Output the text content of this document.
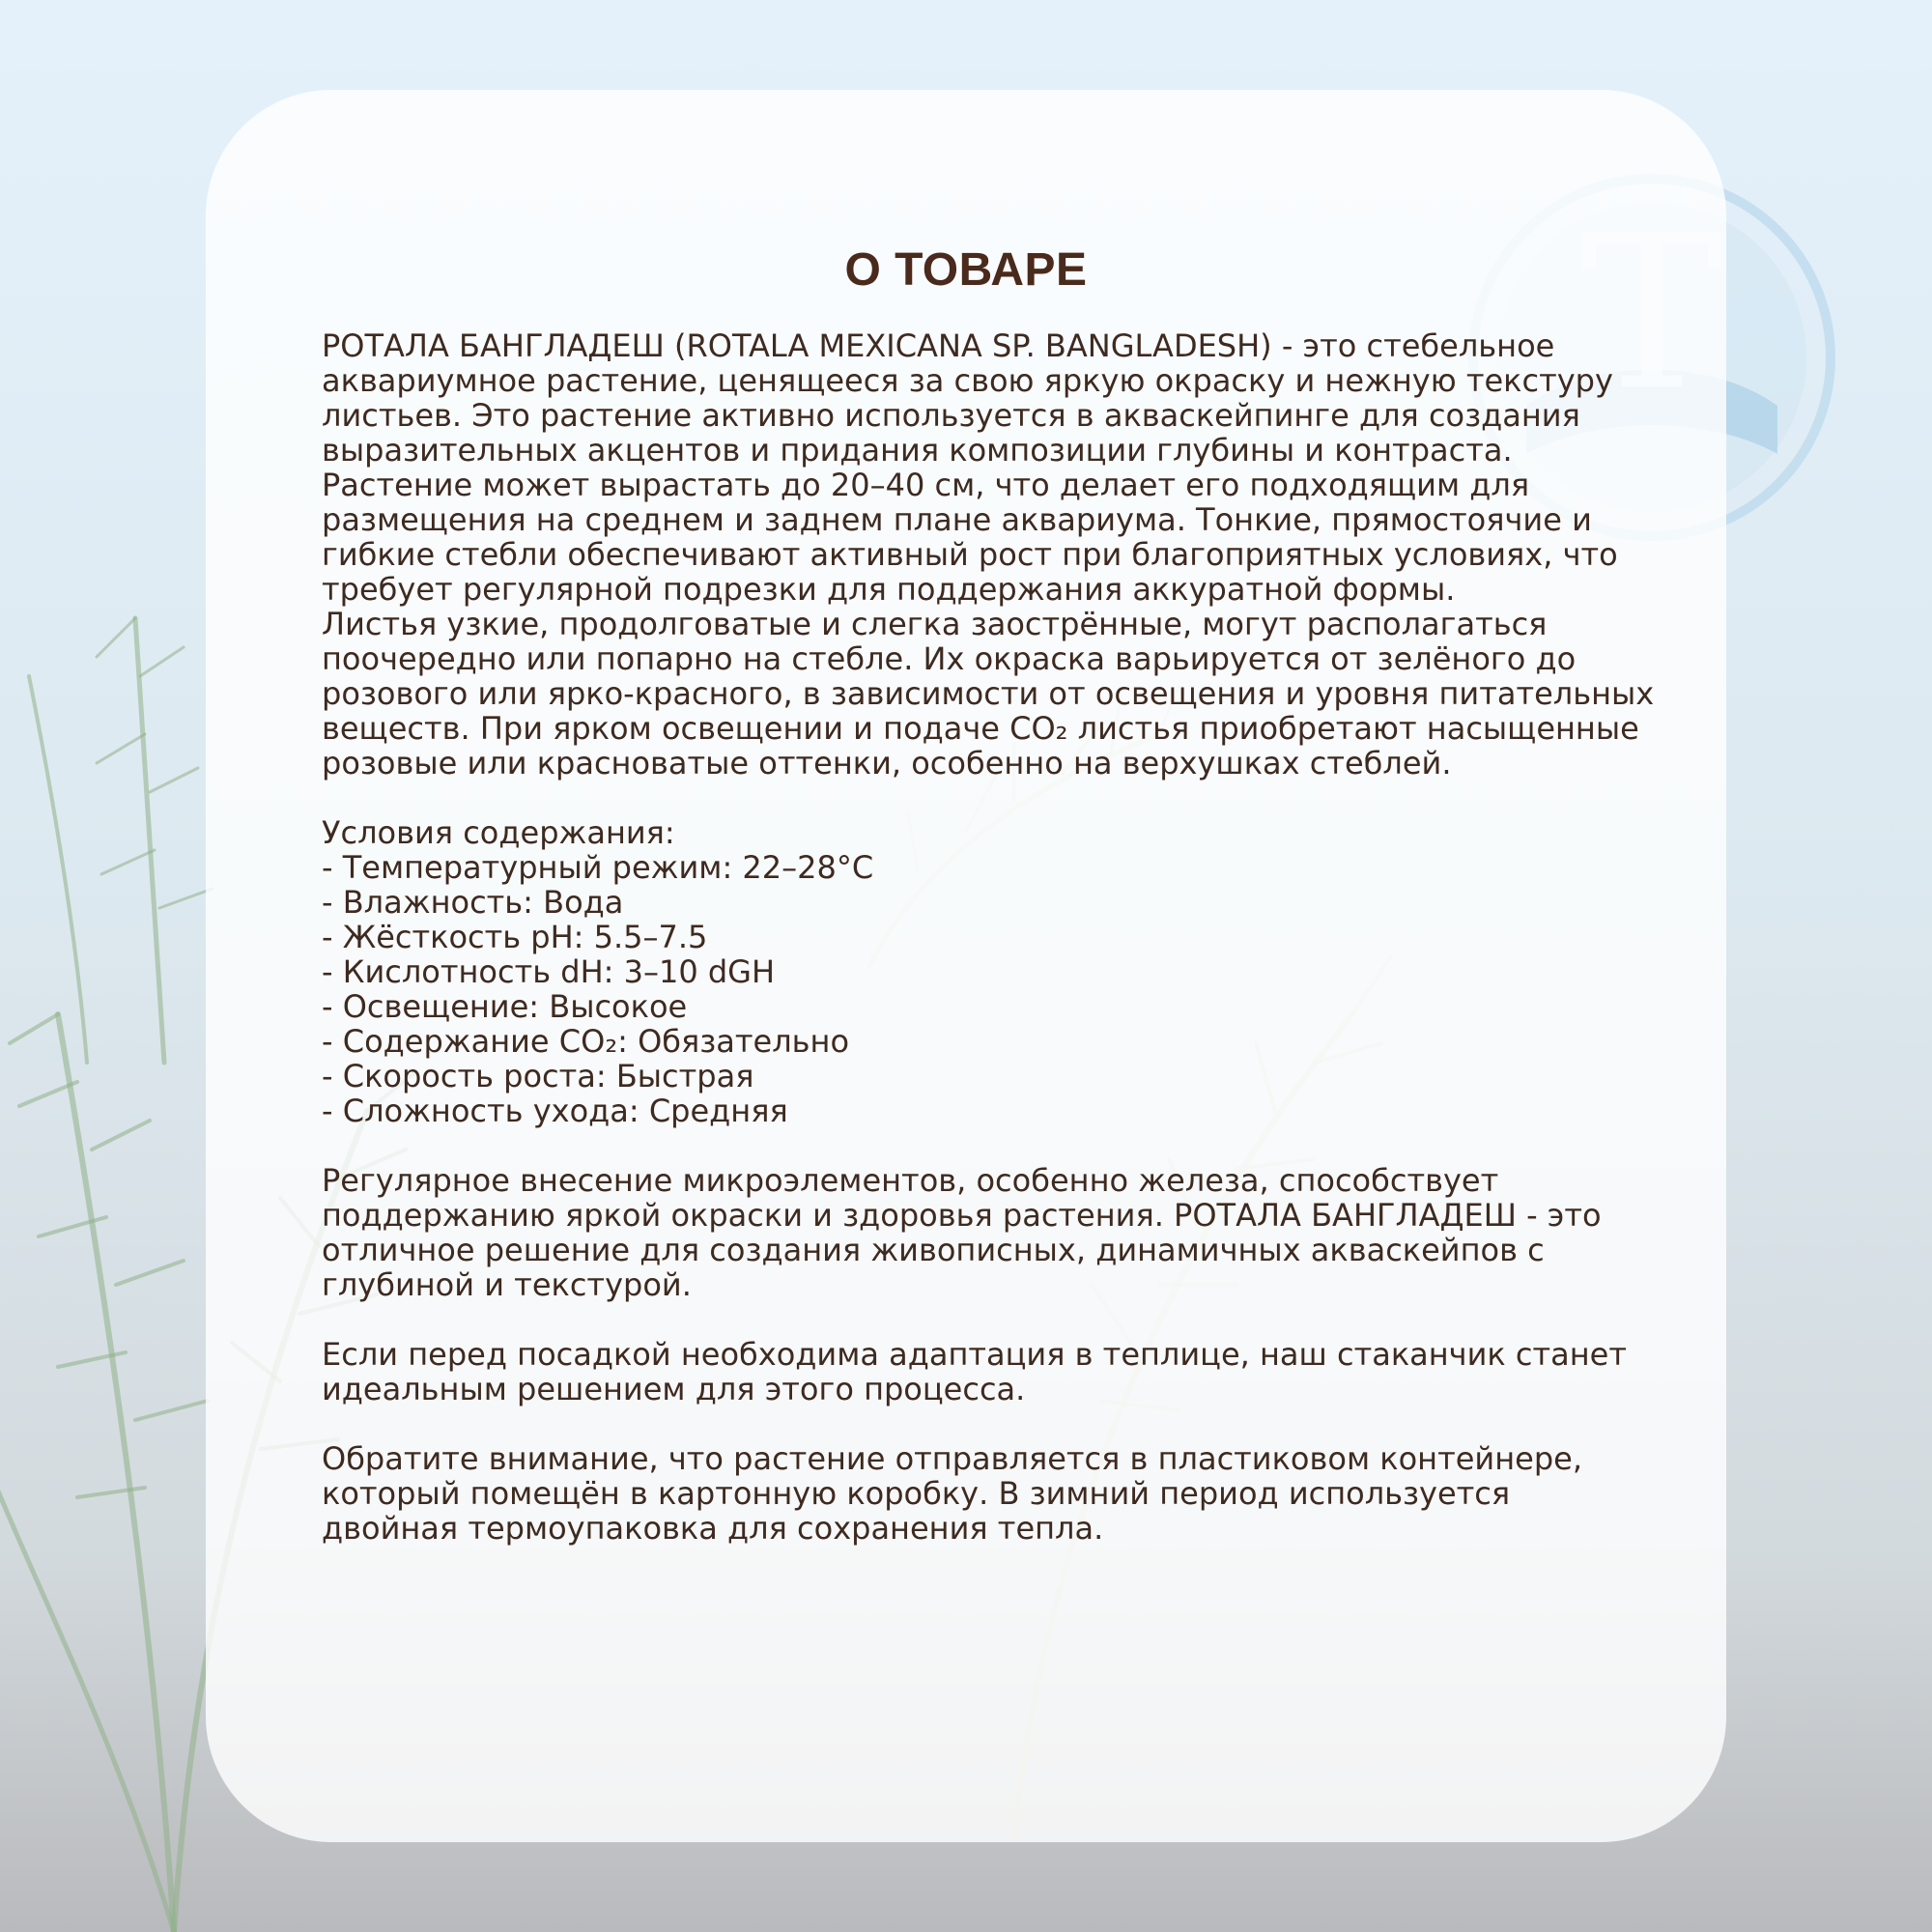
О ТОВАРЕ

РОТАЛА БАНГЛАДЕШ (ROTALA MEXICANA SP. BANGLADESH) - это стебельное аквариумное растение, ценящееся за свою яркую окраску и нежную текстуру листьев. Это растение активно используется в акваскейпинге для создания выразительных акцентов и придания композиции глубины и контраста.

Растение может вырастать до 20–40 см, что делает его подходящим для размещения на среднем и заднем плане аквариума. Тонкие, прямостоячие и гибкие стебли обеспечивают активный рост при благоприятных условиях, что требует регулярной подрезки для поддержания аккуратной формы.

Листья узкие, продолговатые и слегка заострённые, могут располагаться поочередно или попарно на стебле. Их окраска варьируется от зелёного до розового или ярко-красного, в зависимости от освещения и уровня питательных веществ. При ярком освещении и подаче CO₂ листья приобретают насыщенные розовые или красноватые оттенки, особенно на верхушках стеблей.

Условия содержания:

- Температурный режим: 22–28°C
- Влажность: Вода
- Жёсткость pH: 5.5–7.5
- Кислотность dH: 3–10 dGH
- Освещение: Высокое
- Содержание CO₂: Обязательно
- Скорость роста: Быстрая
- Сложность ухода: Средняя

Регулярное внесение микроэлементов, особенно железа, способствует поддержанию яркой окраски и здоровья растения. РОТАЛА БАНГЛАДЕШ - это отличное решение для создания живописных, динамичных акваскейпов с глубиной и текстурой.

Если перед посадкой необходима адаптация в теплице, наш стаканчик станет идеальным решением для этого процесса.

Обратите внимание, что растение отправляется в пластиковом контейнере, который помещён в картонную коробку. В зимний период используется двойная термоупаковка для сохранения тепла.
